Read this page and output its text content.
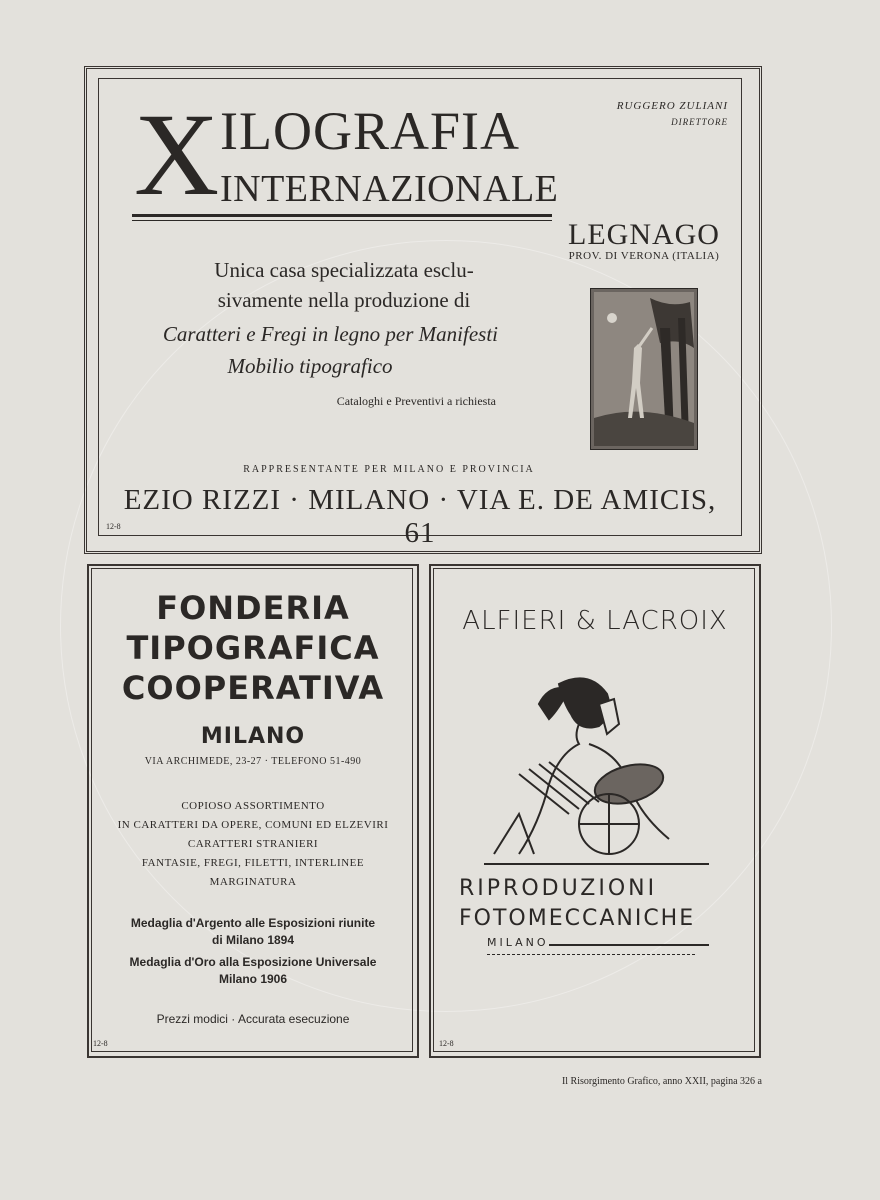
X ILOGRAFIA
INTERNAZIONALE
RUGGERO ZULIANI
DIRETTORE
LEGNAGO
PROV. DI VERONA (ITALIA)
Unica casa specializzata esclu-
sivamente nella produzione di
Caratteri e Fregi in legno per Manifesti
Mobilio tipografico
Cataloghi e Preventivi a richiesta
RAPPRESENTANTE PER MILANO E PROVINCIA
EZIO RIZZI · MILANO · VIA E. DE AMICIS, 61
12-8
FONDERIA
TIPOGRAFICA
COOPERATIVA
MILANO
VIA ARCHIMEDE, 23-27 · TELEFONO 51-490
COPIOSO ASSORTIMENTO
IN CARATTERI DA OPERE, COMUNI ED ELZEVIRI
CARATTERI STRANIERI
FANTASIE, FREGI, FILETTI, INTERLINEE
MARGINATURA
Medaglia d'Argento alle Esposizioni riunite
di Milano 1894
Medaglia d'Oro alla Esposizione Universale
Milano 1906
Prezzi modici · Accurata esecuzione
12-8
ALFIERI & LACROIX
RIPRODUZIONI
FOTOMECCANICHE
MILANO
12-8
Il Risorgimento Grafico, anno XXII, pagina 326 a
